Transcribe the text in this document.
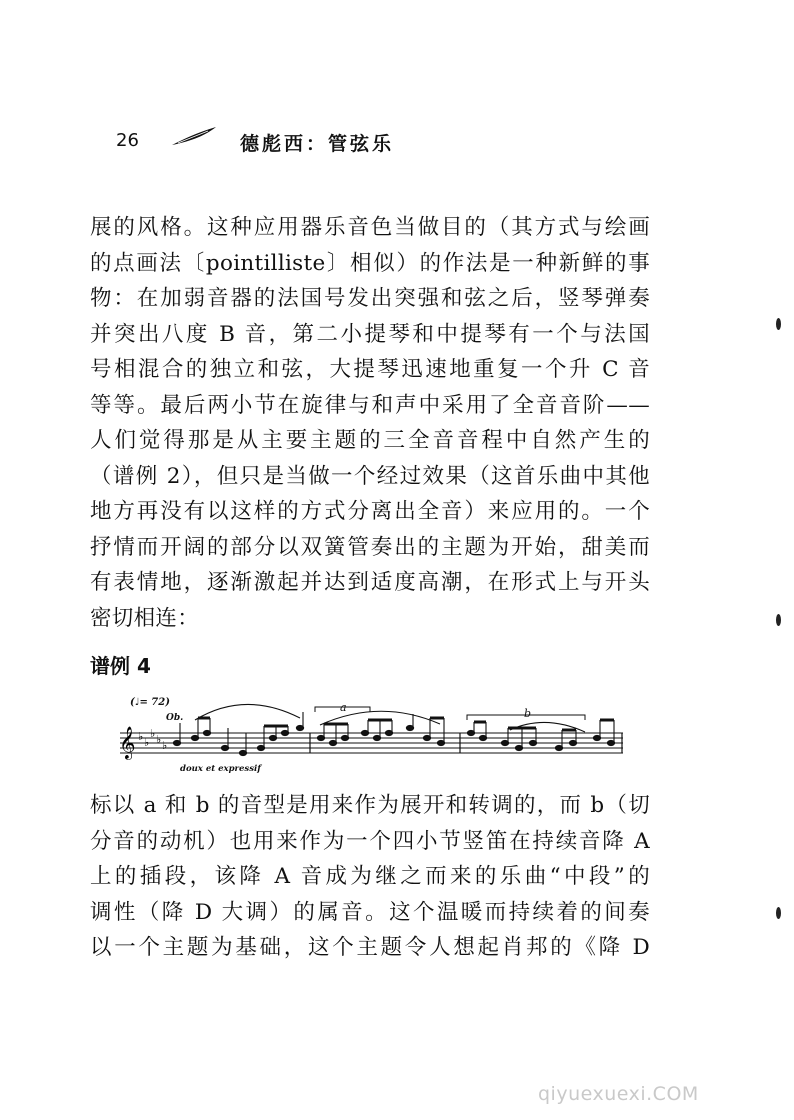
26	德彪西：管弦乐
展的风格。这种应用器乐音色当做目的（其方式与绘画
的点画法〔pointilliste〕相似）的作法是一种新鲜的事
物：在加弱音器的法国号发出突强和弦之后，竖琴弹奏
并突出八度 B 音，第二小提琴和中提琴有一个与法国
号相混合的独立和弦，大提琴迅速地重复一个升 C 音
等等。最后两小节在旋律与和声中采用了全音音阶——
人们觉得那是从主要主题的三全音音程中自然产生的
（谱例 2），但只是当做一个经过效果（这首乐曲中其他
地方再没有以这样的方式分离出全音）来应用的。一个
抒情而开阔的部分以双簧管奏出的主题为开始，甜美而
有表情地，逐渐激起并达到适度高潮，在形式上与开头
密切相连：
谱例 4
(♩= 72)
Ob.
a	b
doux et expressif
𝄞 ♭ ♭
♭ ♭ ♭
标以 a 和 b 的音型是用来作为展开和转调的，而 b（切
分音的动机）也用来作为一个四小节竖笛在持续音降 A
上的插段，该降 A 音成为继之而来的乐曲“中段”的
调性（降 D 大调）的属音。这个温暖而持续着的间奏
以一个主题为基础，这个主题令人想起肖邦的《降 D
qiyuexuexi.COM
